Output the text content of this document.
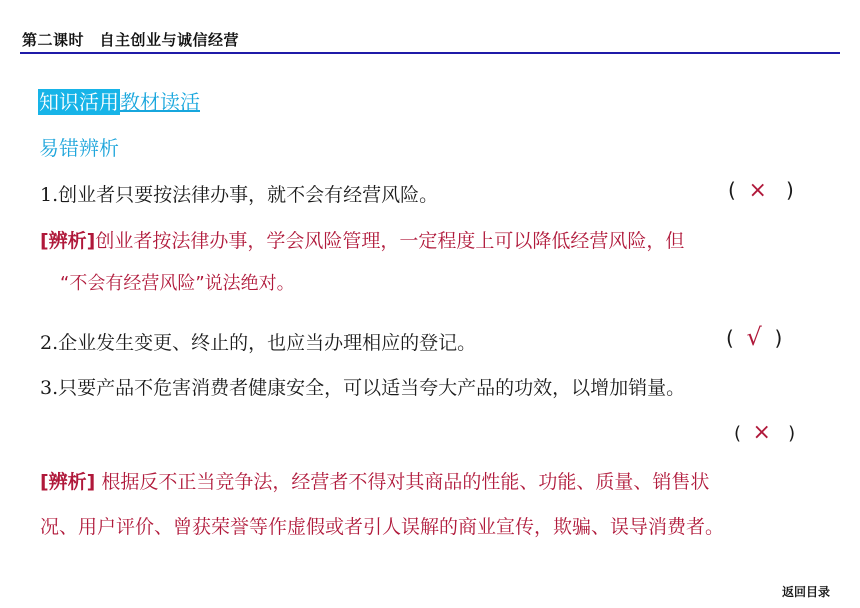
第二课时　自主创业与诚信经营
知识活用 教材读活
易错辨析
1.创业者只要按法律办事，就不会有经营风险。	(  ×   )
[辨析]创业者按法律办事，学会风险管理，一定程度上可以降低经营风险，但
“不会有经营风险”说法绝对。
2.企业发生变更、终止的，也应当办理相应的登记。	(  √  )
3.只要产品不危害消费者健康安全，可以适当夸大产品的功效，以增加销量。
(  ×   )
[辨析] 根据反不正当竞争法，经营者不得对其商品的性能、功能、质量、销售状
况、用户评价、曾获荣誉等作虚假或者引人误解的商业宣传，欺骗、误导消费者。
返回目录
